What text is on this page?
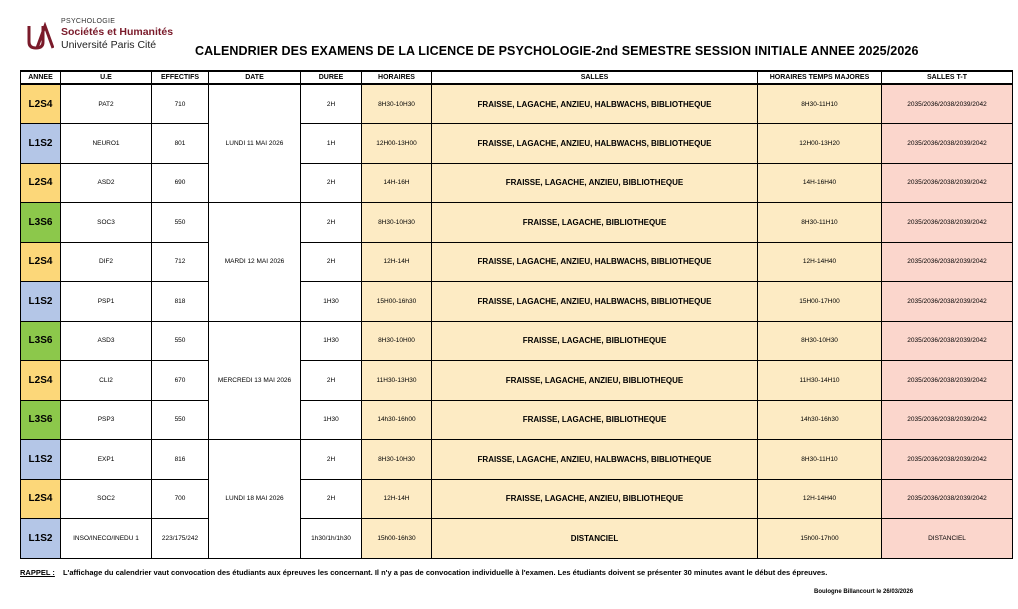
PSYCHOLOGIE
Sociétés et Humanités
Université Paris Cité	CALENDRIER DES EXAMENS DE LA LICENCE DE PSYCHOLOGIE-2nd SEMESTRE SESSION INITIALE ANNEE 2025/2026
ANNEE	U.E	EFFECTIFS	DATE	DUREE	HORAIRES	SALLES	HORAIRES TEMPS MAJORES	SALLES T-T
L2S4	PAT2	710	LUNDI 11 MAI 2026	2H	8H30-10H30	FRAISSE, LAGACHE, ANZIEU, HALBWACHS, BIBLIOTHEQUE	8H30-11H10	2035/2036/2038/2039/2042
L1S2	NEURO1	801		1H	12H00-13H00	FRAISSE, LAGACHE, ANZIEU, HALBWACHS, BIBLIOTHEQUE	12H00-13H20	2035/2036/2038/2039/2042
L2S4	ASD2	690		2H	14H-16H	FRAISSE, LAGACHE, ANZIEU, BIBLIOTHEQUE	14H-16H40	2035/2036/2038/2039/2042
L3S6	SOC3	550	MARDI 12 MAI 2026	2H	8H30-10H30	FRAISSE, LAGACHE, BIBLIOTHEQUE	8H30-11H10	2035/2036/2038/2039/2042
L2S4	DIF2	712		2H	12H-14H	FRAISSE, LAGACHE, ANZIEU, HALBWACHS, BIBLIOTHEQUE	12H-14H40	2035/2036/2038/2039/2042
L1S2	PSP1	818		1H30	15H00-16h30	FRAISSE, LAGACHE, ANZIEU, HALBWACHS, BIBLIOTHEQUE	15H00-17H00	2035/2036/2038/2039/2042
L3S6	ASD3	550	MERCREDI 13 MAI 2026	1H30	8H30-10H00	FRAISSE, LAGACHE, BIBLIOTHEQUE	8H30-10H30	2035/2036/2038/2039/2042
L2S4	CLI2	670		2H	11H30-13H30	FRAISSE, LAGACHE, ANZIEU, BIBLIOTHEQUE	11H30-14H10	2035/2036/2038/2039/2042
L3S6	PSP3	550		1H30	14h30-16h00	FRAISSE, LAGACHE, BIBLIOTHEQUE	14h30-16h30	2035/2036/2038/2039/2042
L1S2	EXP1	816	LUNDI 18 MAI 2026	2H	8H30-10H30	FRAISSE, LAGACHE, ANZIEU, HALBWACHS, BIBLIOTHEQUE	8H30-11H10	2035/2036/2038/2039/2042
L2S4	SOC2	700		2H	12H-14H	FRAISSE, LAGACHE, ANZIEU, BIBLIOTHEQUE	12H-14H40	2035/2036/2038/2039/2042
L1S2	INSO/INECO/INEDU 1	223/175/242		1h30/1h/1h30	15h00-16h30	DISTANCIEL	15h00-17h00	DISTANCIEL
RAPPEL : L'affichage du calendrier vaut convocation des étudiants aux épreuves les concernant. Il n'y a pas de convocation individuelle à l'examen. Les étudiants doivent se présenter 30 minutes avant le début des épreuves.
Boulogne Billancourt le 26/03/2026
